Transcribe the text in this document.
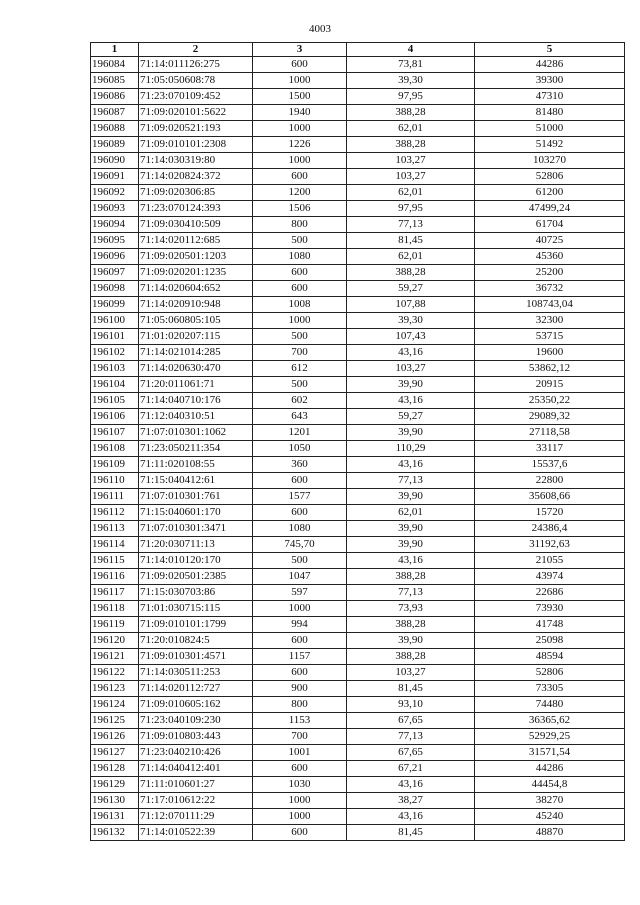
4003
1	2	3	4	5
196084	71:14:011126:275	600	73,81	44286
196085	71:05:050608:78	1000	39,30	39300
196086	71:23:070109:452	1500	97,95	47310
196087	71:09:020101:5622	1940	388,28	81480
196088	71:09:020521:193	1000	62,01	51000
196089	71:09:010101:2308	1226	388,28	51492
196090	71:14:030319:80	1000	103,27	103270
196091	71:14:020824:372	600	103,27	52806
196092	71:09:020306:85	1200	62,01	61200
196093	71:23:070124:393	1506	97,95	47499,24
196094	71:09:030410:509	800	77,13	61704
196095	71:14:020112:685	500	81,45	40725
196096	71:09:020501:1203	1080	62,01	45360
196097	71:09:020201:1235	600	388,28	25200
196098	71:14:020604:652	600	59,27	36732
196099	71:14:020910:948	1008	107,88	108743,04
196100	71:05:060805:105	1000	39,30	32300
196101	71:01:020207:115	500	107,43	53715
196102	71:14:021014:285	700	43,16	19600
196103	71:14:020630:470	612	103,27	53862,12
196104	71:20:011061:71	500	39,90	20915
196105	71:14:040710:176	602	43,16	25350,22
196106	71:12:040310:51	643	59,27	29089,32
196107	71:07:010301:1062	1201	39,90	27118,58
196108	71:23:050211:354	1050	110,29	33117
196109	71:11:020108:55	360	43,16	15537,6
196110	71:15:040412:61	600	77,13	22800
196111	71:07:010301:761	1577	39,90	35608,66
196112	71:15:040601:170	600	62,01	15720
196113	71:07:010301:3471	1080	39,90	24386,4
196114	71:20:030711:13	745,70	39,90	31192,63
196115	71:14:010120:170	500	43,16	21055
196116	71:09:020501:2385	1047	388,28	43974
196117	71:15:030703:86	597	77,13	22686
196118	71:01:030715:115	1000	73,93	73930
196119	71:09:010101:1799	994	388,28	41748
196120	71:20:010824:5	600	39,90	25098
196121	71:09:010301:4571	1157	388,28	48594
196122	71:14:030511:253	600	103,27	52806
196123	71:14:020112:727	900	81,45	73305
196124	71:09:010605:162	800	93,10	74480
196125	71:23:040109:230	1153	67,65	36365,62
196126	71:09:010803:443	700	77,13	52929,25
196127	71:23:040210:426	1001	67,65	31571,54
196128	71:14:040412:401	600	67,21	44286
196129	71:11:010601:27	1030	43,16	44454,8
196130	71:17:010612:22	1000	38,27	38270
196131	71:12:070111:29	1000	43,16	45240
196132	71:14:010522:39	600	81,45	48870
